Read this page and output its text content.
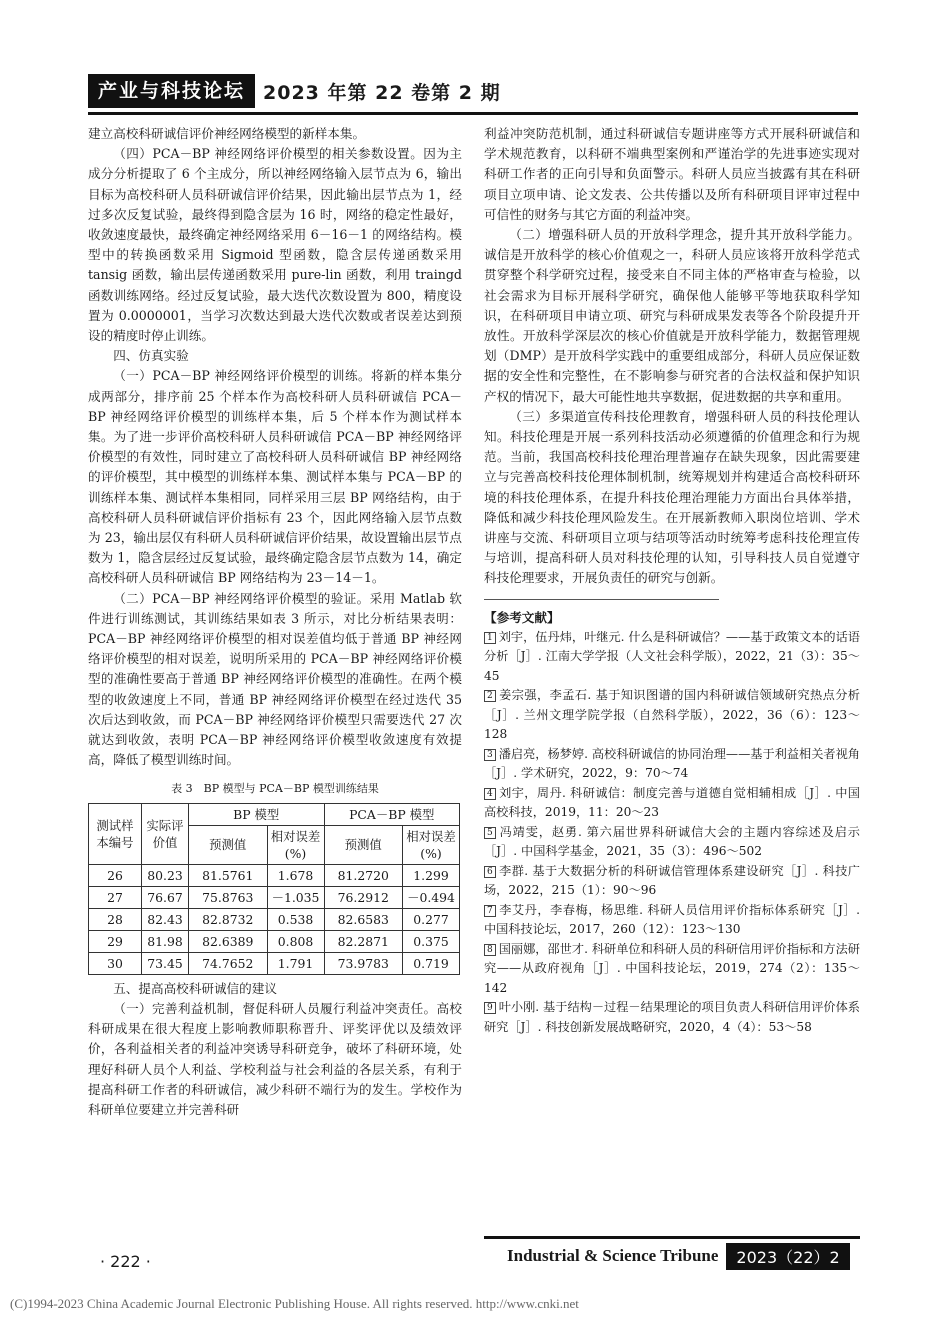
产业与科技论坛 2023 年第 22 卷第 2 期

建立高校科研诚信评价神经网络模型的新样本集。

（四）PCA－BP 神经网络评价模型的相关参数设置。因为主成分分析提取了 6 个主成分，所以神经网络输入层节点为 6，输出目标为高校科研人员科研诚信评价结果，因此输出层节点为 1，经过多次反复试验，最终得到隐含层为 16 时，网络的稳定性最好，收敛速度最快，最终确定神经网络采用 6－16－1 的网络结构。模型中的转换函数采用 Sigmoid 型函数，隐含层传递函数采用 tansig 函数，输出层传递函数采用 pure-lin 函数，利用 traingd 函数训练网络。经过反复试验，最大迭代次数设置为 800，精度设置为 0.0000001，当学习次数达到最大迭代次数或者误差达到预设的精度时停止训练。

四、仿真实验

（一）PCA－BP 神经网络评价模型的训练。将新的样本集分成两部分，排序前 25 个样本作为高校科研人员科研诚信 PCA－BP 神经网络评价模型的训练样本集，后 5 个样本作为测试样本集。为了进一步评价高校科研人员科研诚信 PCA－BP 神经网络评价模型的有效性，同时建立了高校科研人员科研诚信 BP 神经网络的评价模型，其中模型的训练样本集、测试样本集与 PCA－BP 的训练样本集、测试样本集相同，同样采用三层 BP 网络结构，由于高校科研人员科研诚信评价指标有 23 个，因此网络输入层节点数为 23，输出层仅有科研人员科研诚信评价结果，故设置输出层节点数为 1，隐含层经过反复试验，最终确定隐含层节点数为 14，确定高校科研人员科研诚信 BP 网络结构为 23－14－1。

（二）PCA－BP 神经网络评价模型的验证。采用 Matlab 软件进行训练测试，其训练结果如表 3 所示，对比分析结果表明：PCA－BP 神经网络评价模型的相对误差值均低于普通 BP 神经网络评价模型的相对误差，说明所采用的 PCA－BP 神经网络评价模型的准确性要高于普通 BP 神经网络评价模型的准确性。在两个模型的收敛速度上不同，普通 BP 神经网络评价模型在经过迭代 35 次后达到收敛，而 PCA－BP 神经网络评价模型只需要迭代 27 次就达到收敛，表明 PCA－BP 神经网络评价模型收敛速度有效提高，降低了模型训练时间。

表 3　BP 模型与 PCA－BP 模型训练结果
测试样本编号	实际评价值	BP 模型		PCA－BP 模型	
		预测值	相对误差(%)	预测值	相对误差(%)
26	80.23	81.5761	1.678	81.2720	1.299
27	76.67	75.8763	－1.035	76.2912	－0.494
28	82.43	82.8732	0.538	82.6583	0.277
29	81.98	82.6389	0.808	82.2871	0.375
30	73.45	74.7652	1.791	73.9783	0.719

五、提高高校科研诚信的建议

（一）完善利益机制，督促科研人员履行利益冲突责任。高校科研成果在很大程度上影响教师职称晋升、评奖评优以及绩效评价，各利益相关者的利益冲突诱导科研竞争，破坏了科研环境，处理好科研人员个人利益、学校利益与社会利益的各层关系，有利于提高科研工作者的科研诚信，减少科研不端行为的发生。学校作为科研单位要建立并完善科研

利益冲突防范机制，通过科研诚信专题讲座等方式开展科研诚信和学术规范教育，以科研不端典型案例和严谨治学的先进事迹实现对科研工作者的正向引导和负面警示。科研人员应当披露有其在科研项目立项申请、论文发表、公共传播以及所有科研项目评审过程中可信性的财务与其它方面的利益冲突。

（二）增强科研人员的开放科学理念，提升其开放科学能力。诚信是开放科学的核心价值观之一，科研人员应该将开放科学范式贯穿整个科学研究过程，接受来自不同主体的严格审查与检验，以社会需求为目标开展科学研究，确保他人能够平等地获取科学知识，在科研项目申请立项、研究与科研成果发表等各个阶段提升开放性。开放科学深层次的核心价值就是开放科学能力，数据管理规划（DMP）是开放科学实践中的重要组成部分，科研人员应保证数据的安全性和完整性，在不影响参与研究者的合法权益和保护知识产权的情况下，最大可能性地共享数据，促进数据的共享和重用。

（三）多渠道宣传科技伦理教育，增强科研人员的科技伦理认知。科技伦理是开展一系列科技活动必须遵循的价值理念和行为规范。当前，我国高校科技伦理治理普遍存在缺失现象，因此需要建立与完善高校科技伦理体制机制，统筹规划并构建适合高校科研环境的科技伦理体系，在提升科技伦理治理能力方面出台具体举措，降低和减少科技伦理风险发生。在开展新教师入职岗位培训、学术讲座与交流、科研项目立项与结项等活动时统筹考虑科技伦理宣传与培训，提高科研人员对科技伦理的认知，引导科技人员自觉遵守科技伦理要求，开展负责任的研究与创新。

【参考文献】

1 刘宇，伍丹炜，叶继元. 什么是科研诚信？——基于政策文本的话语分析［J］. 江南大学学报（人文社会科学版），2022，21（3）：35～45

2 姜宗强，李孟石. 基于知识图谱的国内科研诚信领域研究热点分析［J］. 兰州文理学院学报（自然科学版），2022，36（6）：123～128

3 潘启亮，杨梦婷. 高校科研诚信的协同治理——基于利益相关者视角［J］. 学术研究，2022，9：70～74

4 刘宇，周丹. 科研诚信：制度完善与道德自觉相辅相成［J］. 中国高校科技，2019，11：20～23

5 冯靖雯，赵勇. 第六届世界科研诚信大会的主题内容综述及启示［J］. 中国科学基金，2021，35（3）：496～502

6 李群. 基于大数据分析的科研诚信管理体系建设研究［J］. 科技广场，2022，215（1）：90～96

7 李艾丹，李春梅，杨思维. 科研人员信用评价指标体系研究［J］. 中国科技论坛，2017，260（12）：123～130

8 国丽娜，邵世才. 科研单位和科研人员的科研信用评价指标和方法研究——从政府视角［J］. 中国科技论坛，2019，274（2）：135～142

9 叶小刚. 基于结构－过程－结果理论的项目负责人科研信用评价体系研究［J］. 科技创新发展战略研究，2020，4（4）：53～58

· 222 ·	Industrial & Science Tribune	2023（22）2
(C)1994-2023 China Academic Journal Electronic Publishing House. All rights reserved. http://www.cnki.net
